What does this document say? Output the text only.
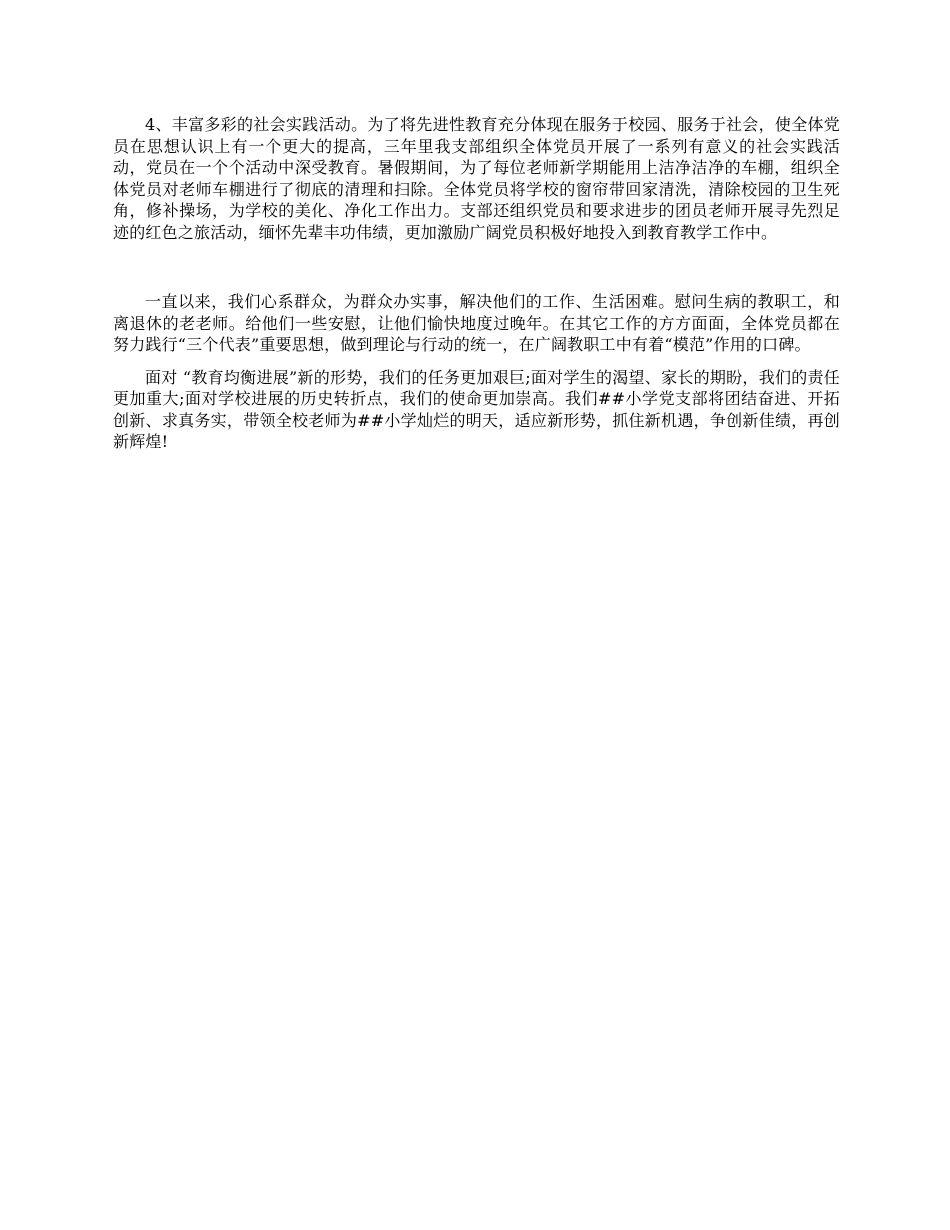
4、丰富多彩的社会实践活动。为了将先进性教育充分体现在服务于校园、服务于社会，使全体党员在思想认识上有一个更大的提高，三年里我支部组织全体党员开展了一系列有意义的社会实践活动，党员在一个个活动中深受教育。暑假期间，为了每位老师新学期能用上洁净洁净的车棚，组织全体党员对老师车棚进行了彻底的清理和扫除。全体党员将学校的窗帘带回家清洗，清除校园的卫生死角，修补操场，为学校的美化、净化工作出力。支部还组织党员和要求进步的团员老师开展寻先烈足迹的红色之旅活动，缅怀先辈丰功伟绩，更加激励广阔党员积极好地投入到教育教学工作中。

一直以来，我们心系群众，为群众办实事，解决他们的工作、生活困难。慰问生病的教职工，和离退休的老老师。给他们一些安慰，让他们愉快地度过晚年。在其它工作的方方面面，全体党员都在努力践行“三个代表”重要思想，做到理论与行动的统一，在广阔教职工中有着“模范”作用的口碑。

面对 “教育均衡进展”新的形势，我们的任务更加艰巨;面对学生的渴望、家长的期盼，我们的责任更加重大;面对学校进展的历史转折点，我们的使命更加崇高。我们##小学党支部将团结奋进、开拓创新、求真务实，带领全校老师为##小学灿烂的明天，适应新形势，抓住新机遇，争创新佳绩，再创新辉煌!
